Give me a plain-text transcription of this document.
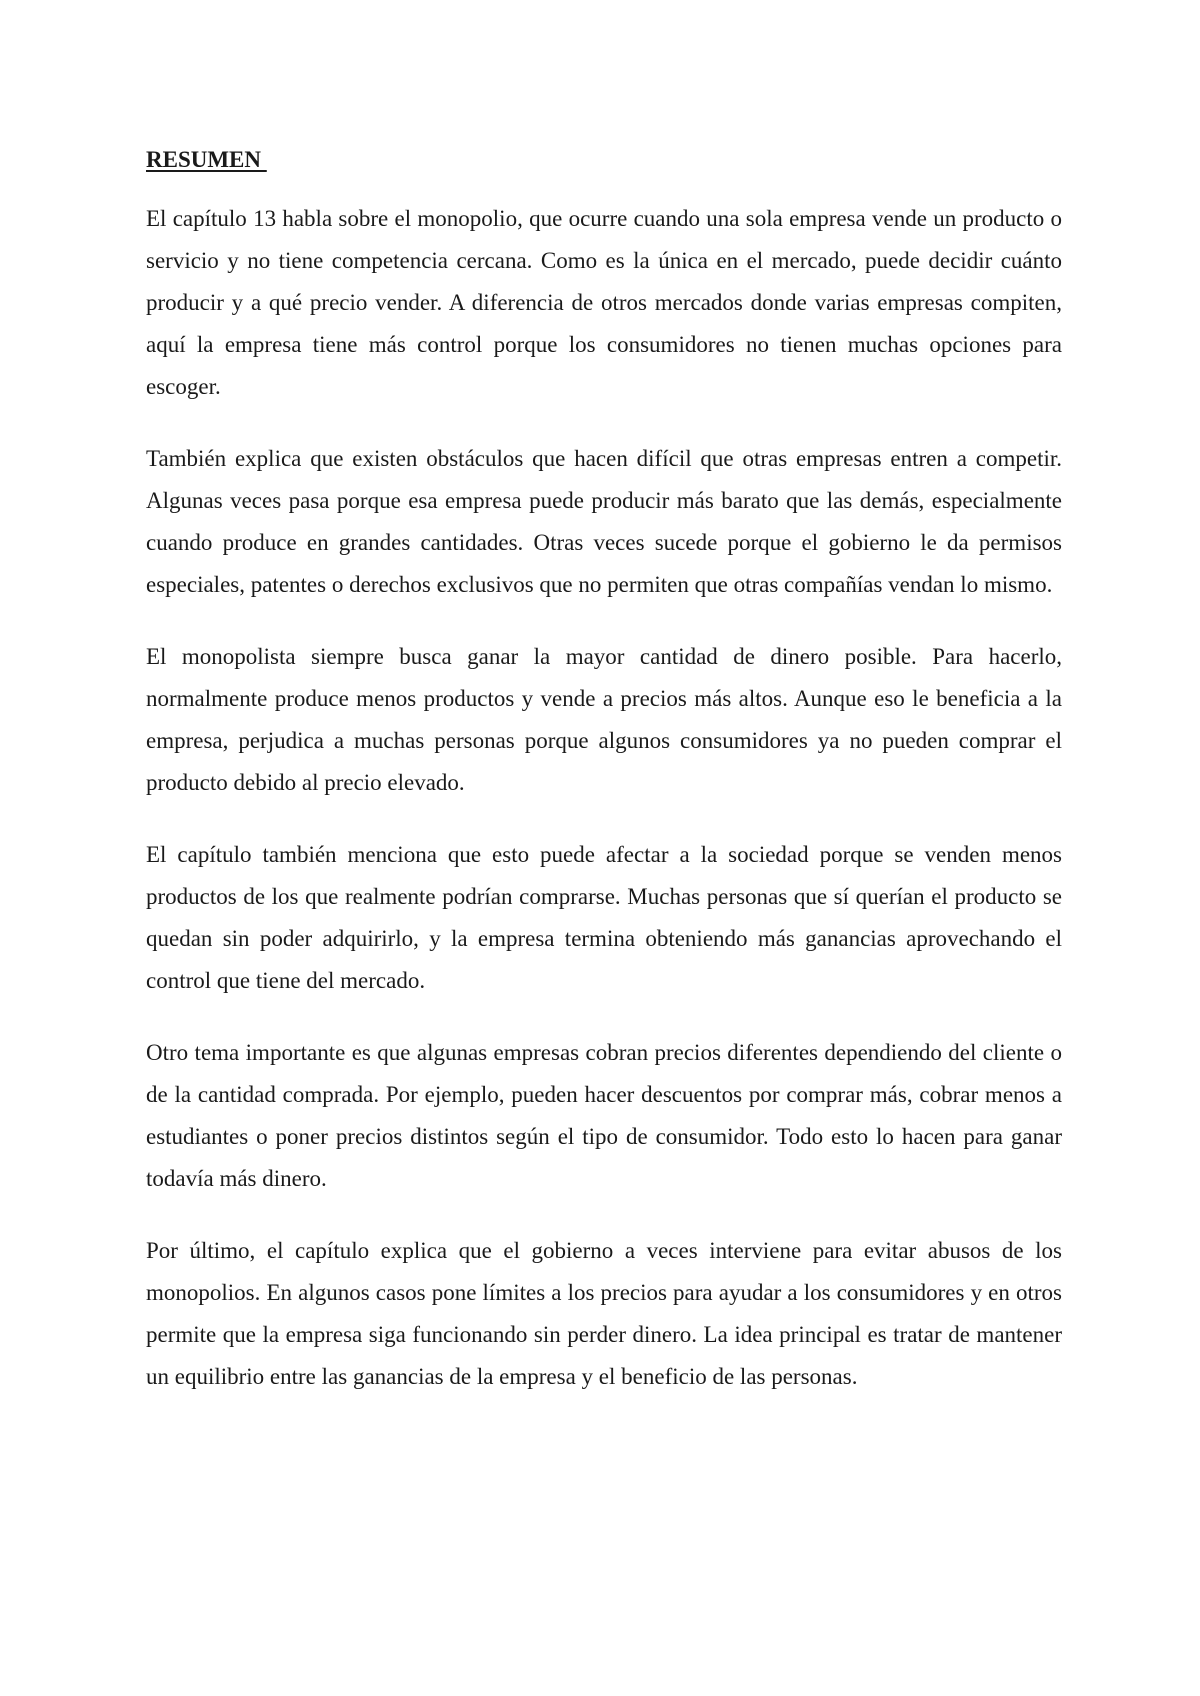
RESUMEN

El capítulo 13 habla sobre el monopolio, que ocurre cuando una sola empresa vende un producto o servicio y no tiene competencia cercana. Como es la única en el mercado, puede decidir cuánto producir y a qué precio vender. A diferencia de otros mercados donde varias empresas compiten, aquí la empresa tiene más control porque los consumidores no tienen muchas opciones para escoger.

También explica que existen obstáculos que hacen difícil que otras empresas entren a competir. Algunas veces pasa porque esa empresa puede producir más barato que las demás, especialmente cuando produce en grandes cantidades. Otras veces sucede porque el gobierno le da permisos especiales, patentes o derechos exclusivos que no permiten que otras compañías vendan lo mismo.

El monopolista siempre busca ganar la mayor cantidad de dinero posible. Para hacerlo, normalmente produce menos productos y vende a precios más altos. Aunque eso le beneficia a la empresa, perjudica a muchas personas porque algunos consumidores ya no pueden comprar el producto debido al precio elevado.

El capítulo también menciona que esto puede afectar a la sociedad porque se venden menos productos de los que realmente podrían comprarse. Muchas personas que sí querían el producto se quedan sin poder adquirirlo, y la empresa termina obteniendo más ganancias aprovechando el control que tiene del mercado.

Otro tema importante es que algunas empresas cobran precios diferentes dependiendo del cliente o de la cantidad comprada. Por ejemplo, pueden hacer descuentos por comprar más, cobrar menos a estudiantes o poner precios distintos según el tipo de consumidor. Todo esto lo hacen para ganar todavía más dinero.

Por último, el capítulo explica que el gobierno a veces interviene para evitar abusos de los monopolios. En algunos casos pone límites a los precios para ayudar a los consumidores y en otros permite que la empresa siga funcionando sin perder dinero. La idea principal es tratar de mantener un equilibrio entre las ganancias de la empresa y el beneficio de las personas.
